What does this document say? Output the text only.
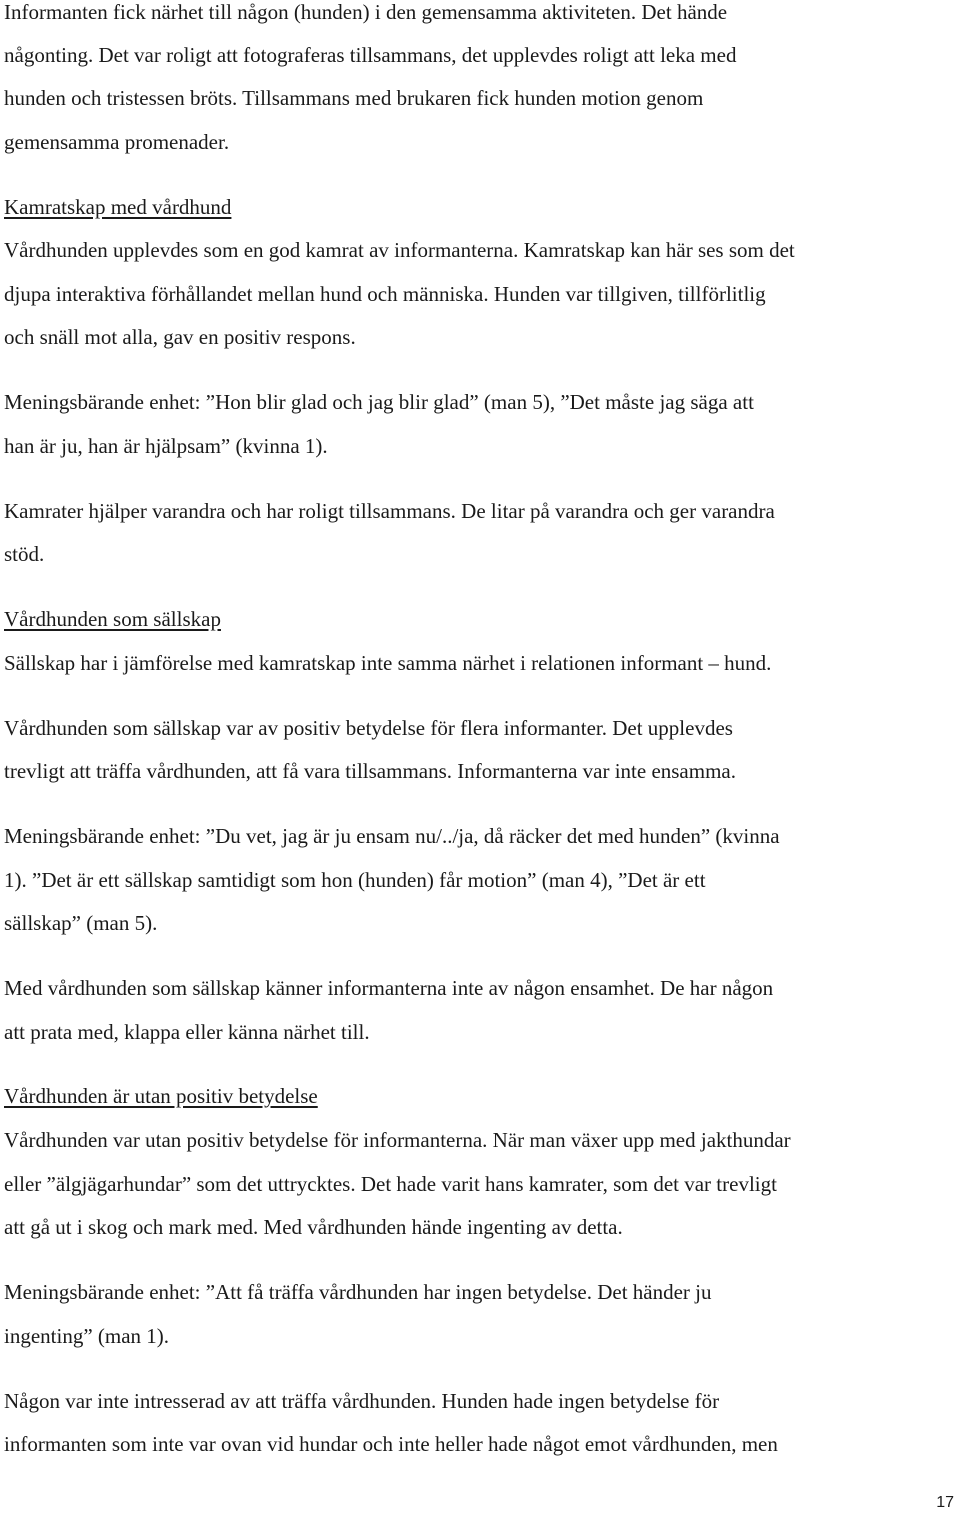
Informanten fick närhet till någon (hunden) i den gemensamma aktiviteten. Det hände
någonting. Det var roligt att fotograferas tillsammans, det upplevdes roligt att leka med
hunden och tristessen bröts. Tillsammans med brukaren fick hunden motion genom
gemensamma promenader.
Kamratskap med vårdhund
Vårdhunden upplevdes som en god kamrat av informanterna. Kamratskap kan här ses som det
djupa interaktiva förhållandet mellan hund och människa. Hunden var tillgiven, tillförlitlig
och snäll mot alla, gav en positiv respons.
Meningsbärande enhet: ”Hon blir glad och jag blir glad” (man 5), ”Det måste jag säga att
han är ju, han är hjälpsam” (kvinna 1).
Kamrater hjälper varandra och har roligt tillsammans. De litar på varandra och ger varandra
stöd.
Vårdhunden som sällskap
Sällskap har i jämförelse med kamratskap inte samma närhet i relationen informant – hund.
Vårdhunden som sällskap var av positiv betydelse för flera informanter. Det upplevdes
trevligt att träffa vårdhunden, att få vara tillsammans. Informanterna var inte ensamma.
Meningsbärande enhet: ”Du vet, jag är ju ensam nu/../ja, då räcker det med hunden” (kvinna
1). ”Det är ett sällskap samtidigt som hon (hunden) får motion” (man 4), ”Det är ett
sällskap” (man 5).
Med vårdhunden som sällskap känner informanterna inte av någon ensamhet. De har någon
att prata med, klappa eller känna närhet till.
Vårdhunden är utan positiv betydelse
Vårdhunden var utan positiv betydelse för informanterna. När man växer upp med jakthundar
eller ”älgjägarhundar” som det uttrycktes. Det hade varit hans kamrater, som det var trevligt
att gå ut i skog och mark med. Med vårdhunden hände ingenting av detta.
Meningsbärande enhet: ”Att få träffa vårdhunden har ingen betydelse. Det händer ju
ingenting” (man 1).
Någon var inte intresserad av att träffa vårdhunden. Hunden hade ingen betydelse för
informanten som inte var ovan vid hundar och inte heller hade något emot vårdhunden, men
17
